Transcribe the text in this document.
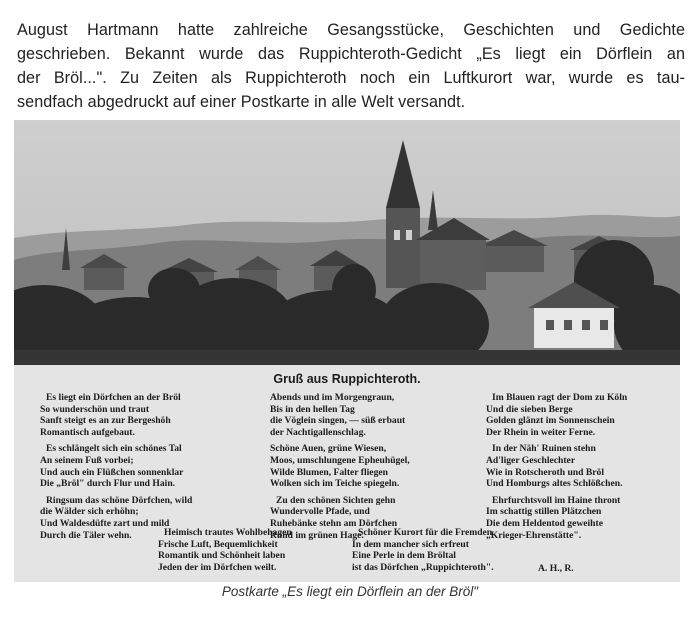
August Hartmann hatte zahlreiche Gesangsstücke, Geschichten und Gedichte
geschrieben. Bekannt wurde das Ruppichteroth-Gedicht „Es liegt ein Dörflein an
der Bröl...". Zu Zeiten als Ruppichteroth noch ein Luftkurort war, wurde es tau-
sendfach abgedruckt auf einer Postkarte in alle Welt versandt.
Gruß aus Ruppichteroth.
Es liegt ein Dörfchen an der Bröl
So wunderschön und traut
Sanft steigt es an zur Bergeshöh
Romantisch aufgebaut.
Es schlängelt sich ein schönes Tal
An seinem Fuß vorbei;
Und auch ein Flüßchen sonnenklar
Die „Bröl" durch Flur und Hain.
Ringsum das schöne Dörfchen, wild
die Wälder sich erhöhn;
Und Waldesdüfte zart und mild
Durch die Täler wehn.
Abends und im Morgengraun,
Bis in den hellen Tag
die Vöglein singen, — süß erbaut
der Nachtigallenschlag.
Schöne Auen, grüne Wiesen,
Moos, umschlungene Epheuhügel,
Wilde Blumen, Falter fliegen
Wolken sich im Teiche spiegeln.
Zu den schönen Sichten gehn
Wundervolle Pfade, und
Ruhebänke stehn am Dörfchen
Rund im grünen Hage.
Im Blauen ragt der Dom zu Köln
Und die sieben Berge
Golden glänzt im Sonnenschein
Der Rhein in weiter Ferne.
In der Näh' Ruinen stehn
Ad'liger Geschlechter
Wie in Rotscheroth und Bröl
Und Homburgs altes Schlößchen.
Ehrfurchtsvoll im Haine thront
Im schattig stillen Plätzchen
Die dem Heldentod geweihte
„Krieger-Ehrenstätte".
Heimisch trautes Wohlbehagen
Frische Luft, Bequemlichkeit
Romantik und Schönheit laben
Jeden der im Dörfchen weilt.
Schöner Kurort für die Fremden
In dem mancher sich erfreut
Eine Perle in dem Bröltal
ist das Dörfchen „Ruppichteroth".	A. H., R.
Postkarte „Es liegt ein Dörflein an der Bröl"
